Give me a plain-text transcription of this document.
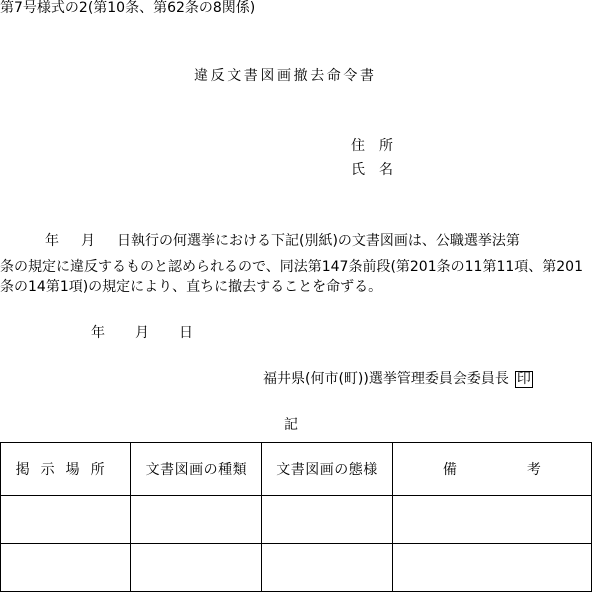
第7号様式の2(第10条、第62条の8関係)
違反文書図画撤去命令書
住　所
氏　名
年 月 日執行の何選挙における下記(別紙)の文書図画は、公職選挙法第
条の規定に違反するものと認められるので、同法第147条前段(第201条の11第11項、第201
条の14第1項)の規定により、直ちに撤去することを命ずる。
年 月 日
福井県(何市(町))選挙管理委員会委員長 印
記
掲示場所	文書図画の種類	文書図画の態様	備　　　　　考
